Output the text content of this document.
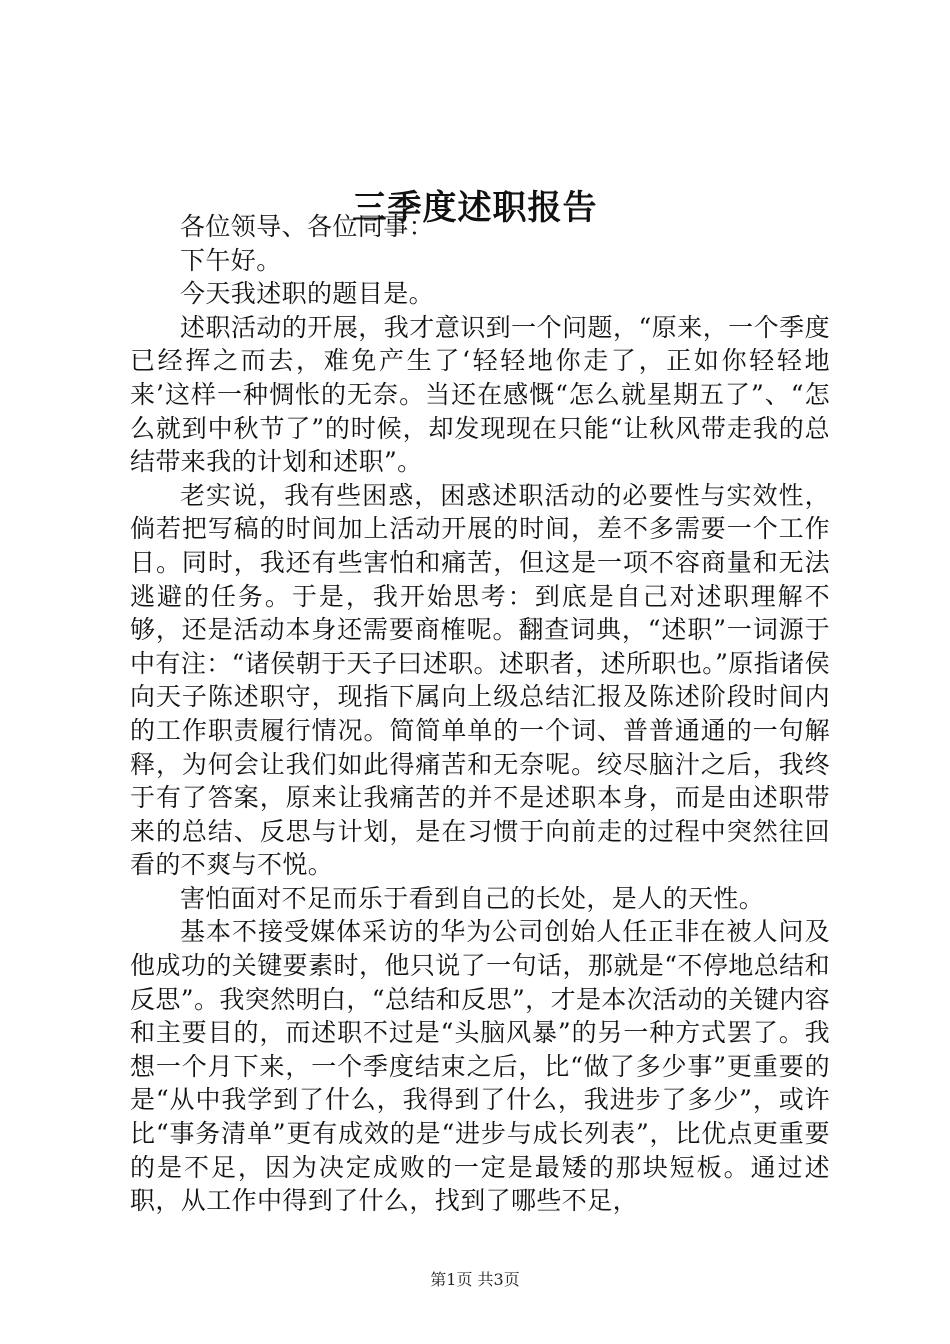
三季度述职报告

各位领导、各位同事：

下午好。

今天我述职的题目是。

述职活动的开展，我才意识到一个问题，“原来，一个季度已经挥之而去，难免产生了‘轻轻地你走了，正如你轻轻地来’这样一种惆怅的无奈。当还在感慨“怎么就星期五了”、“怎么就到中秋节了”的时候，却发现现在只能“让秋风带走我的总结带来我的计划和述职”。

老实说，我有些困惑，困惑述职活动的必要性与实效性，倘若把写稿的时间加上活动开展的时间，差不多需要一个工作日。同时，我还有些害怕和痛苦，但这是一项不容商量和无法逃避的任务。于是，我开始思考：到底是自己对述职理解不够，还是活动本身还需要商榷呢。翻查词典，“述职”一词源于中有注：“诸侯朝于天子曰述职。述职者，述所职也。”原指诸侯向天子陈述职守，现指下属向上级总结汇报及陈述阶段时间内的工作职责履行情况。简简单单的一个词、普普通通的一句解释，为何会让我们如此得痛苦和无奈呢。绞尽脑汁之后，我终于有了答案，原来让我痛苦的并不是述职本身，而是由述职带来的总结、反思与计划，是在习惯于向前走的过程中突然往回看的不爽与不悦。

害怕面对不足而乐于看到自己的长处，是人的天性。

基本不接受媒体采访的华为公司创始人任正非在被人问及他成功的关键要素时，他只说了一句话，那就是“不停地总结和反思”。我突然明白，“总结和反思”，才是本次活动的关键内容和主要目的，而述职不过是“头脑风暴”的另一种方式罢了。我想一个月下来，一个季度结束之后，比“做了多少事”更重要的是“从中我学到了什么，我得到了什么，我进步了多少”，或许比“事务清单”更有成效的是“进步与成长列表”，比优点更重要的是不足，因为决定成败的一定是最矮的那块短板。通过述职，从工作中得到了什么，找到了哪些不足，

第1页 共3页
